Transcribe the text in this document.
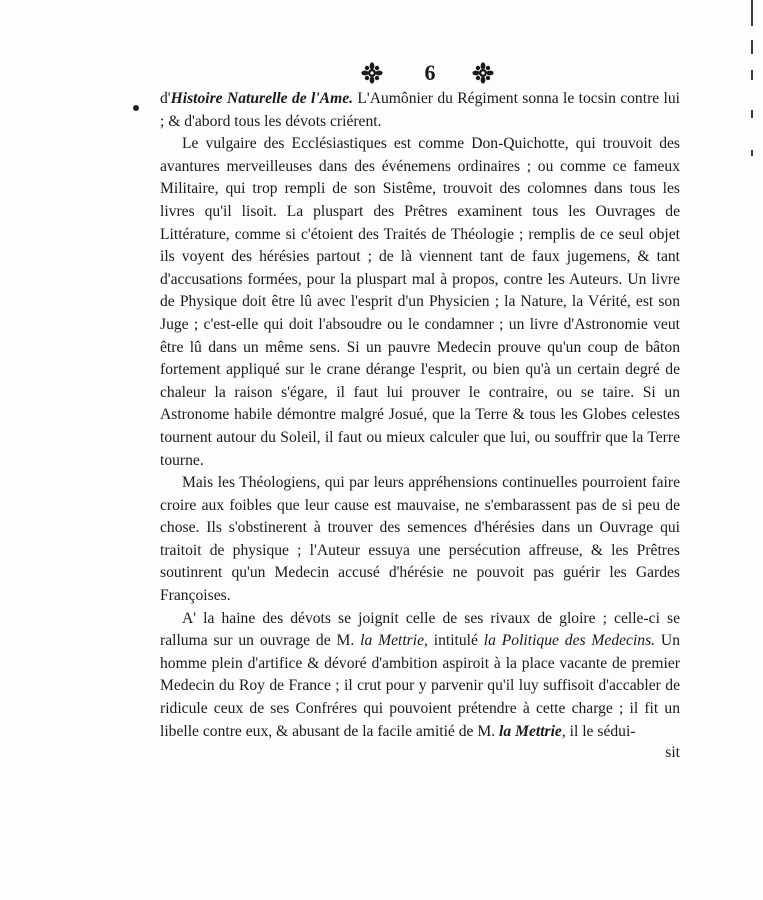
6

d'Histoire Naturelle de l'Ame. L'Aumônier du Régiment sonna le tocsin contre lui ; & d'abord tous les dévots criérent.

Le vulgaire des Ecclésiastiques est comme Don-Quichotte, qui trouvoit des avantures merveilleuses dans des événemens ordinaires ; ou comme ce fameux Militaire, qui trop rempli de son Sistême, trouvoit des colomnes dans tous les livres qu'il lisoit. La pluspart des Prêtres examinent tous les Ouvrages de Littérature, comme si c'étoient des Traités de Théologie ; remplis de ce seul objet ils voyent des hérésies partout ; de là viennent tant de faux jugemens, & tant d'accusations formées, pour la pluspart mal à propos, contre les Auteurs. Un livre de Physique doit être lû avec l'esprit d'un Physicien ; la Nature, la Vérité, est son Juge ; c'est-elle qui doit l'absoudre ou le condamner ; un livre d'Astronomie veut être lû dans un même sens. Si un pauvre Medecin prouve qu'un coup de bâton fortement appliqué sur le crane dérange l'esprit, ou bien qu'à un certain degré de chaleur la raison s'égare, il faut lui prouver le contraire, ou se taire. Si un Astronome habile démontre malgré Josué, que la Terre & tous les Globes celestes tournent autour du Soleil, il faut ou mieux calculer que lui, ou souffrir que la Terre tourne.

Mais les Théologiens, qui par leurs appréhensions continuelles pourroient faire croire aux foibles que leur cause est mauvaise, ne s'embarassent pas de si peu de chose. Ils s'obstinerent à trouver des semences d'hérésies dans un Ouvrage qui traitoit de physique ; l'Auteur essuya une persécution affreuse, & les Prêtres soutinrent qu'un Medecin accusé d'hérésie ne pouvoit pas guérir les Gardes Françoises.

A' la haine des dévots se joignit celle de ses rivaux de gloire ; celle-ci se ralluma sur un ouvrage de M. la Mettrie, intitulé la Politique des Medecins. Un homme plein d'artifice & dévoré d'ambition aspiroit à la place vacante de premier Medecin du Roy de France ; il crut pour y parvenir qu'il luy suffisoit d'accabler de ridicule ceux de ses Confréres qui pouvoient prétendre à cette charge ; il fit un libelle contre eux, & abusant de la facile amitié de M. la Mettrie, il le sédui-

sit
